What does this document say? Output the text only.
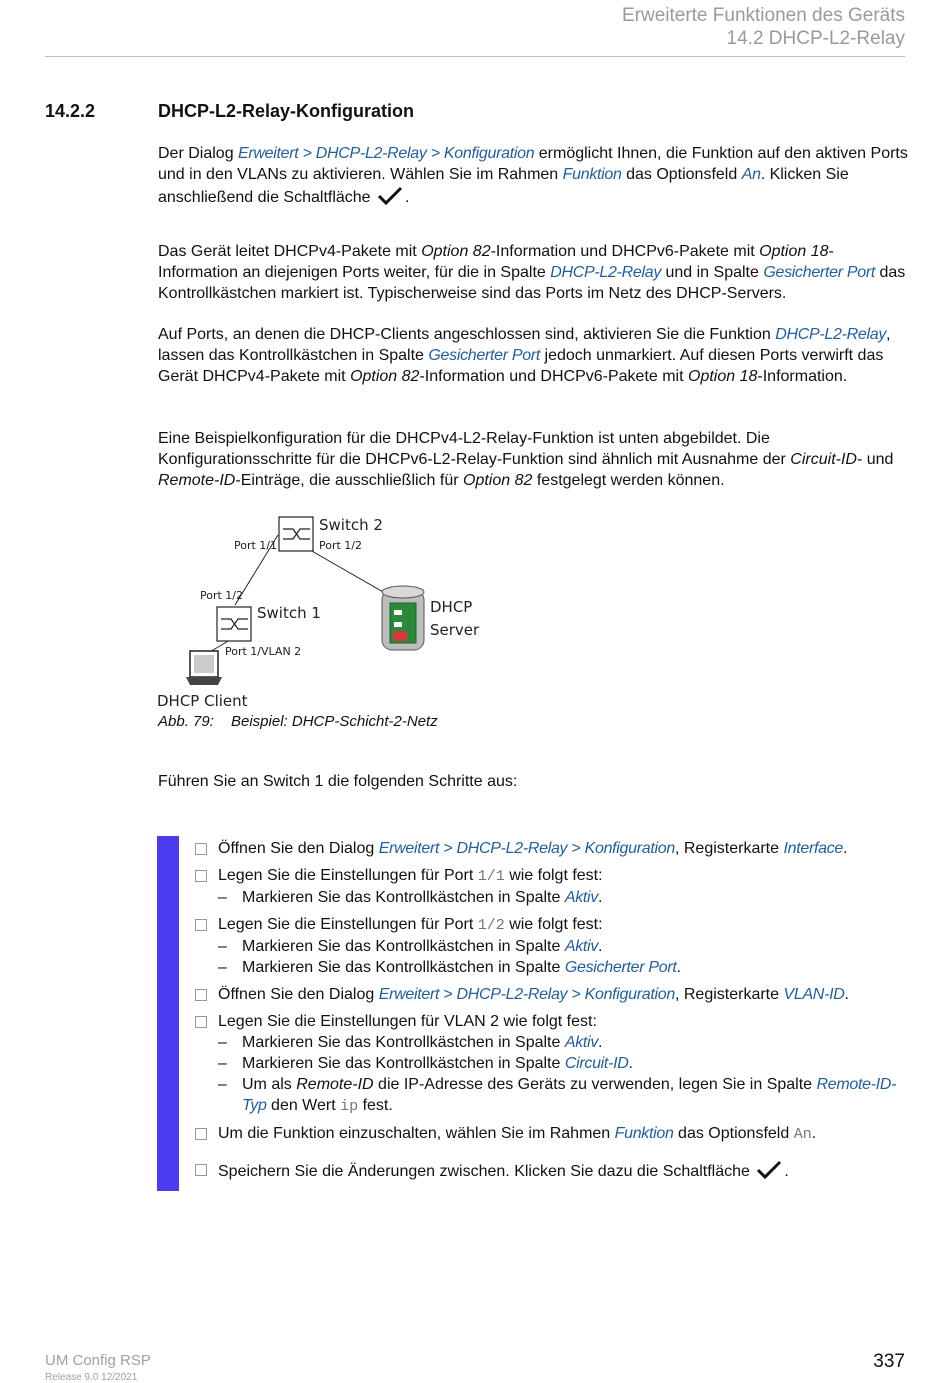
Erweiterte Funktionen des Geräts
14.2 DHCP-L2-Relay
14.2.2	DHCP-L2-Relay-Konfiguration

Der Dialog Erweitert > DHCP-L2-Relay > Konfiguration ermöglicht Ihnen, die Funktion auf den aktiven Ports und in den VLANs zu aktivieren. Wählen Sie im Rahmen Funktion das Optionsfeld An. Klicken Sie anschließend die Schaltfläche .

Das Gerät leitet DHCPv4-Pakete mit Option 82-Information und DHCPv6-Pakete mit Option 18-Information an diejenigen Ports weiter, für die in Spalte DHCP-L2-Relay und in Spalte Gesicherter Port das Kontrollkästchen markiert ist. Typischerweise sind das Ports im Netz des DHCP-Servers.

Auf Ports, an denen die DHCP-Clients angeschlossen sind, aktivieren Sie die Funktion DHCP-L2-Relay, lassen das Kontrollkästchen in Spalte Gesicherter Port jedoch unmarkiert. Auf diesen Ports verwirft das Gerät DHCPv4-Pakete mit Option 82-Information und DHCPv6-Pakete mit Option 18-Information.

Eine Beispielkonfiguration für die DHCPv4-L2-Relay-Funktion ist unten abgebildet. Die Konfigurationsschritte für die DHCPv6-L2-Relay-Funktion sind ähnlich mit Ausnahme der Circuit-ID- und Remote-ID-Einträge, die ausschließlich für Option 82 festgelegt werden können.

Switch 2
Port 1/1	Port 1/2
Switch 1
Port 1/2
Port 1/VLAN 2
DHCP
Server
DHCP Client
Abb. 79: Beispiel: DHCP-Schicht-2-Netz
Führen Sie an Switch 1 die folgenden Schritte aus:
Öffnen Sie den Dialog Erweitert > DHCP-L2-Relay > Konfiguration, Registerkarte Interface.
Legen Sie die Einstellungen für Port 1/1 wie folgt fest:
– Markieren Sie das Kontrollkästchen in Spalte Aktiv.
Legen Sie die Einstellungen für Port 1/2 wie folgt fest:
– Markieren Sie das Kontrollkästchen in Spalte Aktiv.
– Markieren Sie das Kontrollkästchen in Spalte Gesicherter Port.
Öffnen Sie den Dialog Erweitert > DHCP-L2-Relay > Konfiguration, Registerkarte VLAN-ID.
Legen Sie die Einstellungen für VLAN 2 wie folgt fest:
– Markieren Sie das Kontrollkästchen in Spalte Aktiv.
– Markieren Sie das Kontrollkästchen in Spalte Circuit-ID.
– Um als Remote-ID die IP-Adresse des Geräts zu verwenden, legen Sie in Spalte Remote-ID-Typ den Wert ip fest.
Um die Funktion einzuschalten, wählen Sie im Rahmen Funktion das Optionsfeld An.
Speichern Sie die Änderungen zwischen. Klicken Sie dazu die Schaltfläche .
UM Config RSP
Release 9.0 12/2021
337
